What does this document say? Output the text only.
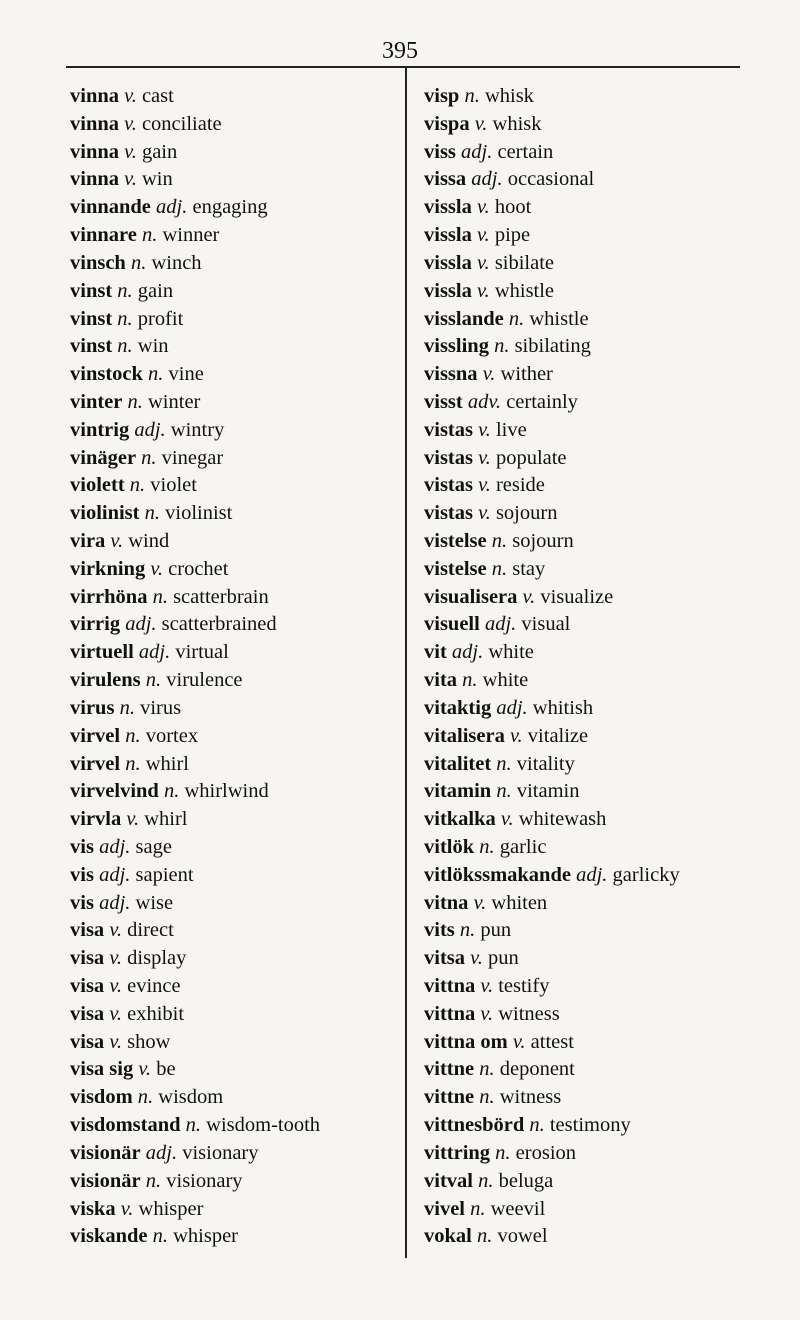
395
vinna v. cast
vinna v. conciliate
vinna v. gain
vinna v. win
vinnande adj. engaging
vinnare n. winner
vinsch n. winch
vinst n. gain
vinst n. profit
vinst n. win
vinstock n. vine
vinter n. winter
vintrig adj. wintry
vinäger n. vinegar
violett n. violet
violinist n. violinist
vira v. wind
virkning v. crochet
virrhöna n. scatterbrain
virrig adj. scatterbrained
virtuell adj. virtual
virulens n. virulence
virus n. virus
virvel n. vortex
virvel n. whirl
virvelvind n. whirlwind
virvla v. whirl
vis adj. sage
vis adj. sapient
vis adj. wise
visa v. direct
visa v. display
visa v. evince
visa v. exhibit
visa v. show
visa sig v. be
visdom n. wisdom
visdomstand n. wisdom-tooth
visionär adj. visionary
visionär n. visionary
viska v. whisper
viskande n. whisper
visp n. whisk
vispa v. whisk
viss adj. certain
vissa adj. occasional
vissla v. hoot
vissla v. pipe
vissla v. sibilate
vissla v. whistle
visslande n. whistle
vissling n. sibilating
vissna v. wither
visst adv. certainly
vistas v. live
vistas v. populate
vistas v. reside
vistas v. sojourn
vistelse n. sojourn
vistelse n. stay
visualisera v. visualize
visuell adj. visual
vit adj. white
vita n. white
vitaktig adj. whitish
vitalisera v. vitalize
vitalitet n. vitality
vitamin n. vitamin
vitkalka v. whitewash
vitlök n. garlic
vitlökssmakande adj. garlicky
vitna v. whiten
vits n. pun
vitsa v. pun
vittna v. testify
vittna v. witness
vittna om v. attest
vittne n. deponent
vittne n. witness
vittnesbörd n. testimony
vittring n. erosion
vitval n. beluga
vivel n. weevil
vokal n. vowel
